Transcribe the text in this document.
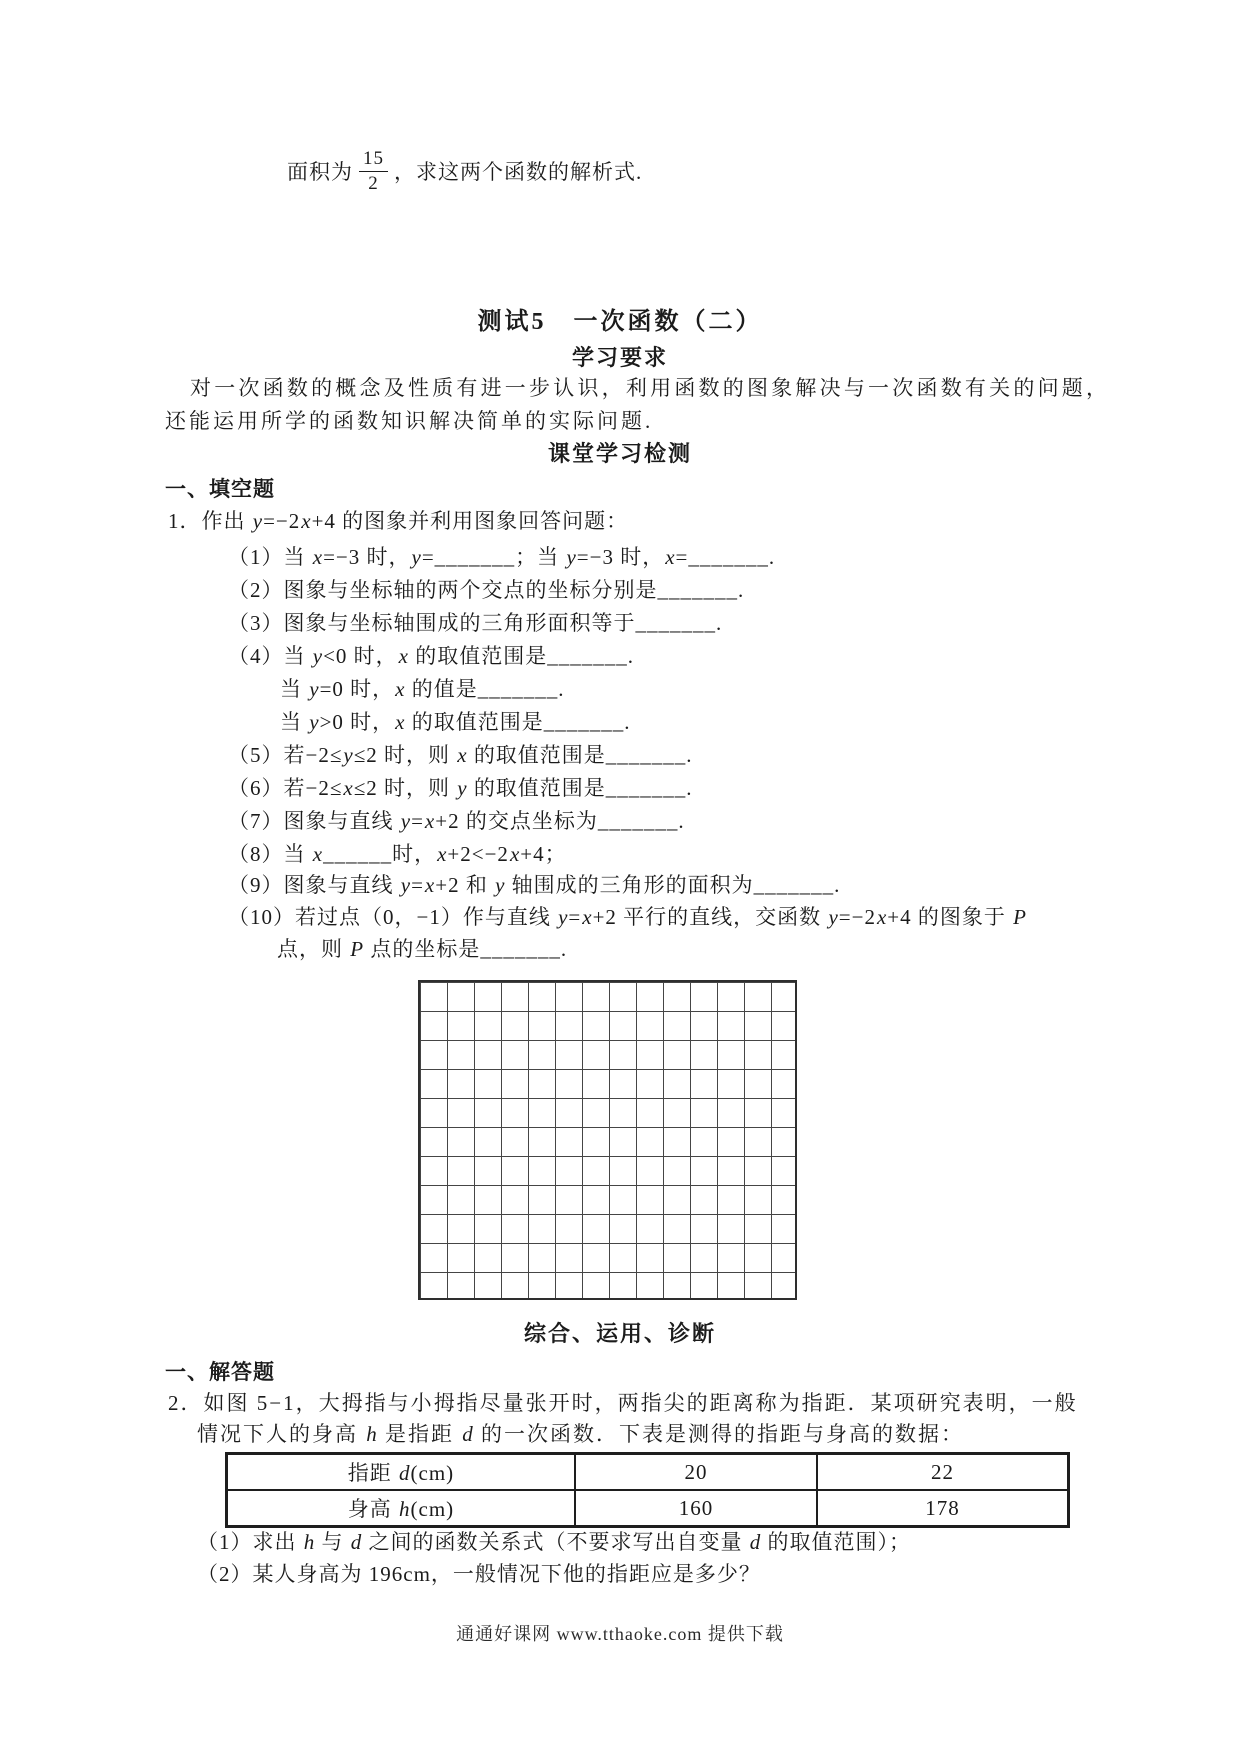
面积为 $\frac{15}{2}$ ，求这两个函数的解析式.
测试5　一次函数（二）
学习要求
对一次函数的概念及性质有进一步认识，利用函数的图象解决与一次函数有关的问题，还能运用所学的函数知识解决简单的实际问题.
课堂学习检测
一、填空题
1．作出 y=−2x+4 的图象并利用图象回答问题：
（1）当 x=−3 时，y=_______；当 y=−3 时，x=_______.
（2）图象与坐标轴的两个交点的坐标分别是_______.
（3）图象与坐标轴围成的三角形面积等于_______.
（4）当 y<0 时，x 的取值范围是_______.
当 y=0 时，x 的值是_______.
当 y>0 时，x 的取值范围是_______.
（5）若−2≤y≤2 时，则 x 的取值范围是_______.
（6）若−2≤x≤2 时，则 y 的取值范围是_______.
（7）图象与直线 y=x+2 的交点坐标为_______.
（8）当 x______时，x+2<−2x+4；
（9）图象与直线 y=x+2 和 y 轴围成的三角形的面积为_______.
（10）若过点（0，−1）作与直线 y=x+2 平行的直线，交函数 y=−2x+4 的图象于 P
点，则 P 点的坐标是_______.
综合、运用、诊断
一、解答题
2．如图 5−1，大拇指与小拇指尽量张开时，两指尖的距离称为指距．某项研究表明，一般
情况下人的身高 h 是指距 d 的一次函数．下表是测得的指距与身高的数据：
指距 d(cm)	20	22
身高 h(cm)	160	178
（1）求出 h 与 d 之间的函数关系式（不要求写出自变量 d 的取值范围）；
（2）某人身高为 196cm，一般情况下他的指距应是多少？
通通好课网 www.tthaoke.com 提供下载
